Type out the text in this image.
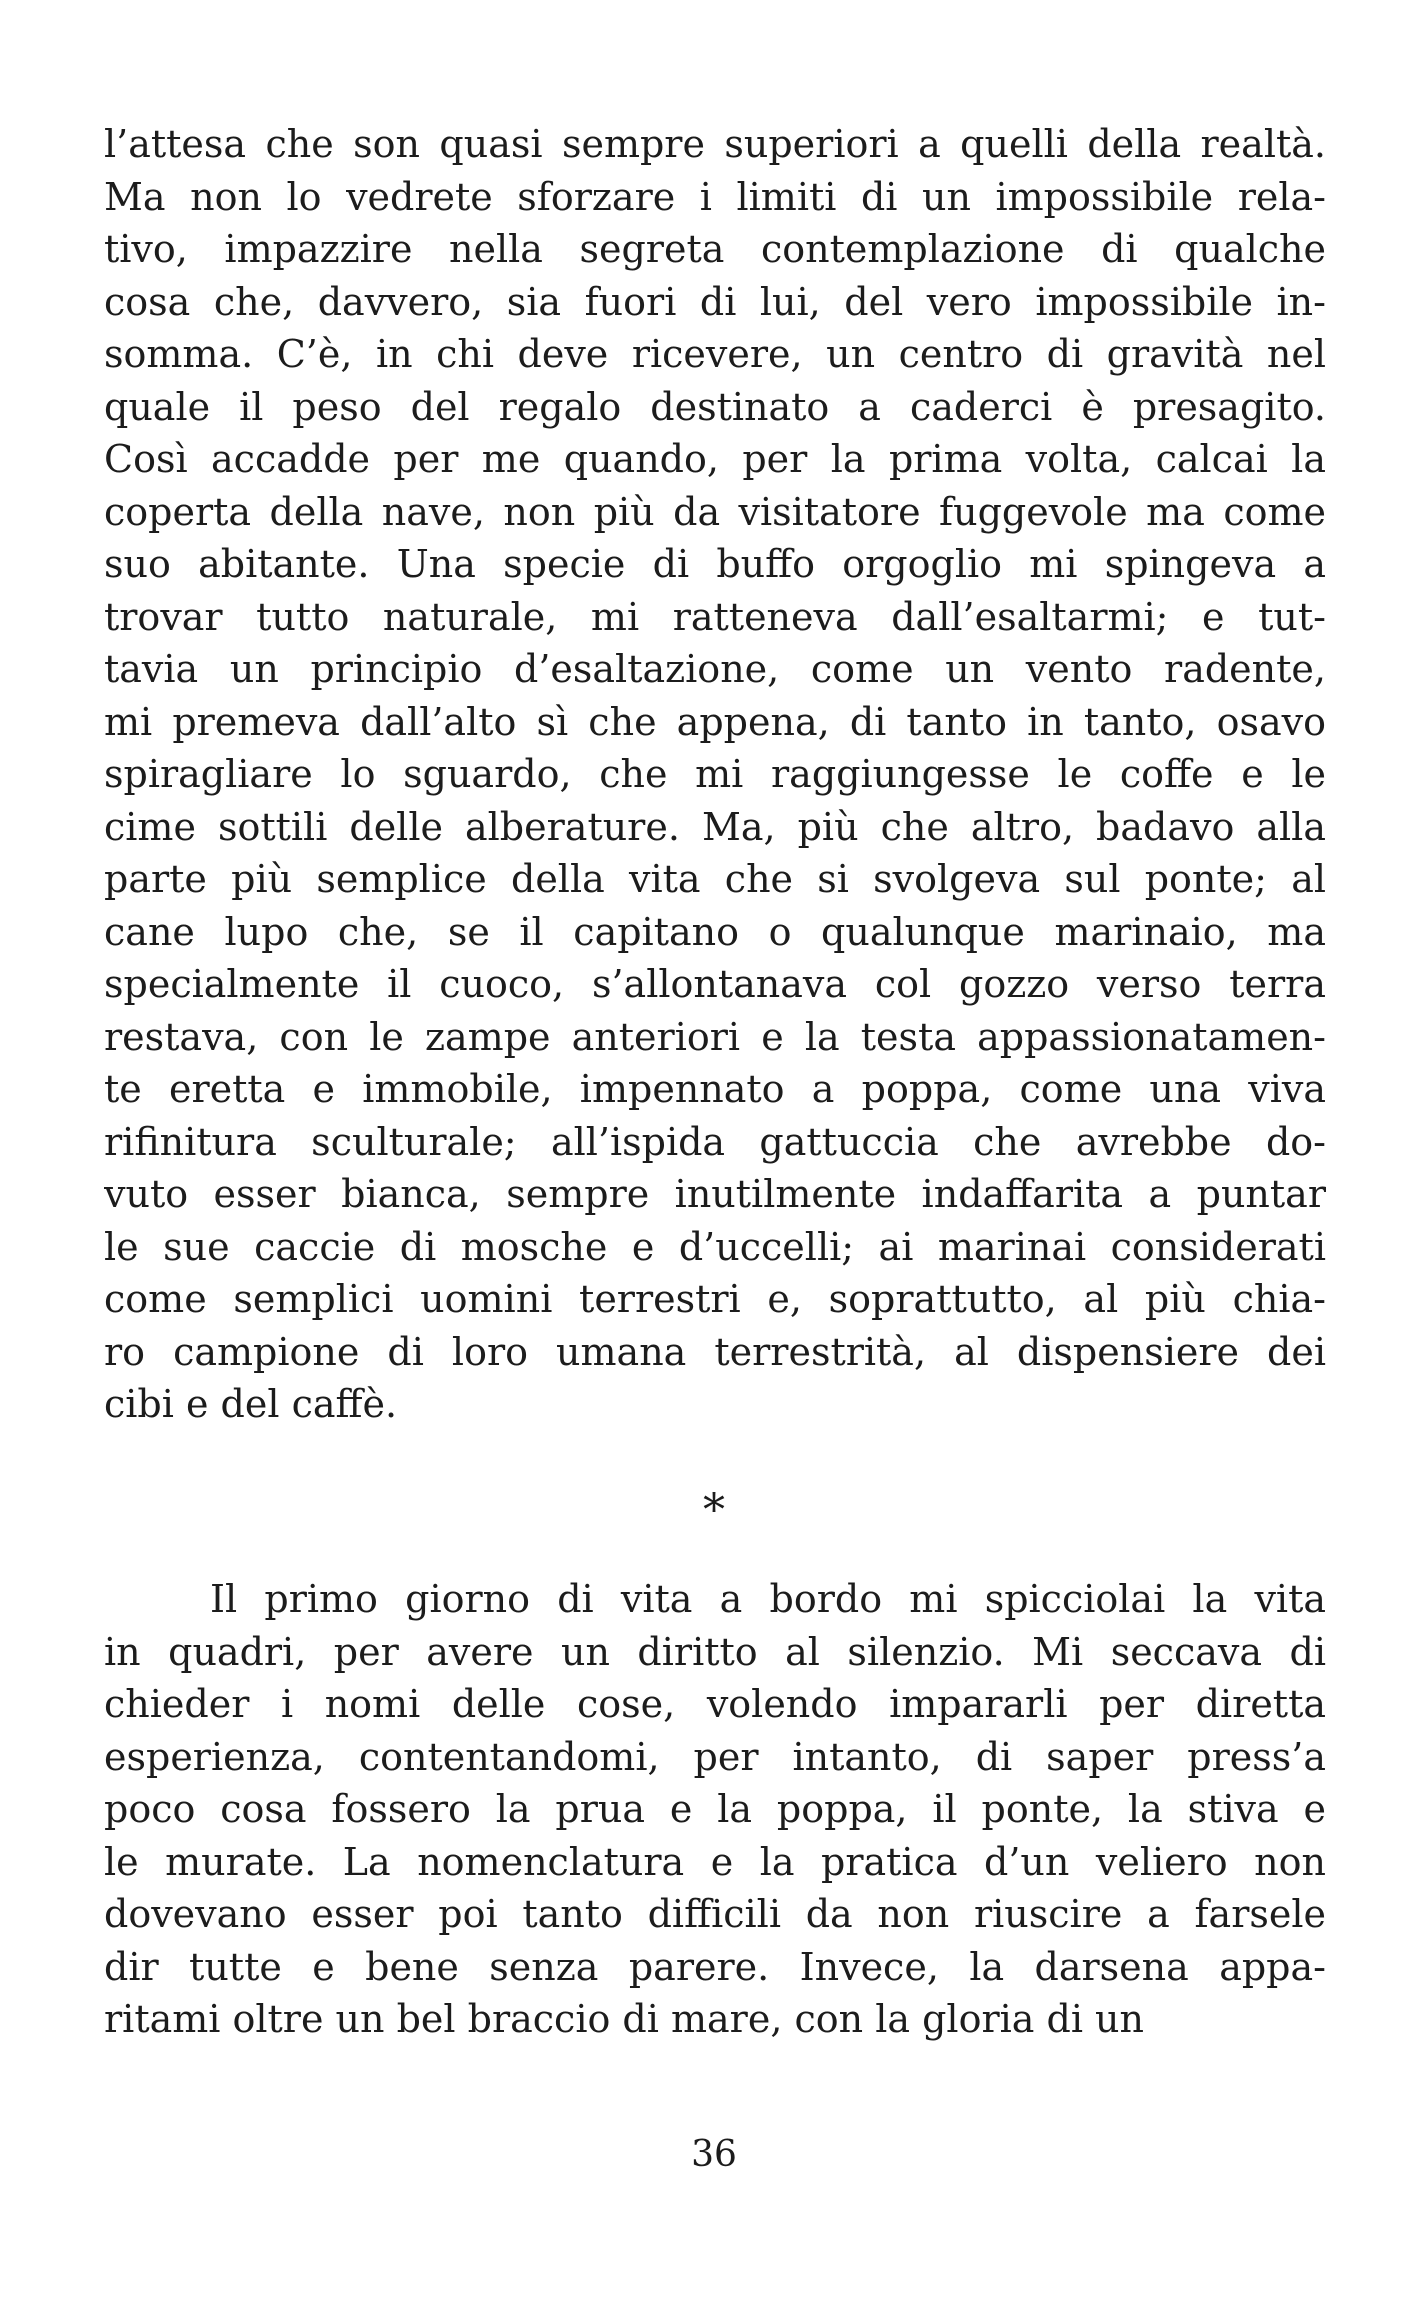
l’attesa che son quasi sempre superiori a quelli della realtà.
Ma non lo vedrete sforzare i limiti di un impossibile rela-
tivo, impazzire nella segreta contemplazione di qualche
cosa che, davvero, sia fuori di lui, del vero impossibile in-
somma. C’è, in chi deve ricevere, un centro di gravità nel
quale il peso del regalo destinato a caderci è presagito.
Così accadde per me quando, per la prima volta, calcai la
coperta della nave, non più da visitatore fuggevole ma come
suo abitante. Una specie di buffo orgoglio mi spingeva a
trovar tutto naturale, mi ratteneva dall’esaltarmi; e tut-
tavia un principio d’esaltazione, come un vento radente,
mi premeva dall’alto sì che appena, di tanto in tanto, osavo
spiragliare lo sguardo, che mi raggiungesse le coffe e le
cime sottili delle alberature. Ma, più che altro, badavo alla
parte più semplice della vita che si svolgeva sul ponte; al
cane lupo che, se il capitano o qualunque marinaio, ma
specialmente il cuoco, s’allontanava col gozzo verso terra
restava, con le zampe anteriori e la testa appassionatamen-
te eretta e immobile, impennato a poppa, come una viva
rifinitura sculturale; all’ispida gattuccia che avrebbe do-
vuto esser bianca, sempre inutilmente indaffarita a puntar
le sue caccie di mosche e d’uccelli; ai marinai considerati
come semplici uomini terrestri e, soprattutto, al più chia-
ro campione di loro umana terrestrità, al dispensiere dei
cibi e del caffè.
*
Il primo giorno di vita a bordo mi spicciolai la vita
in quadri, per avere un diritto al silenzio. Mi seccava di
chieder i nomi delle cose, volendo impararli per diretta
esperienza, contentandomi, per intanto, di saper press’a
poco cosa fossero la prua e la poppa, il ponte, la stiva e
le murate. La nomenclatura e la pratica d’un veliero non
dovevano esser poi tanto difficili da non riuscire a farsele
dir tutte e bene senza parere. Invece, la darsena appa-
ritami oltre un bel braccio di mare, con la gloria di un
36
